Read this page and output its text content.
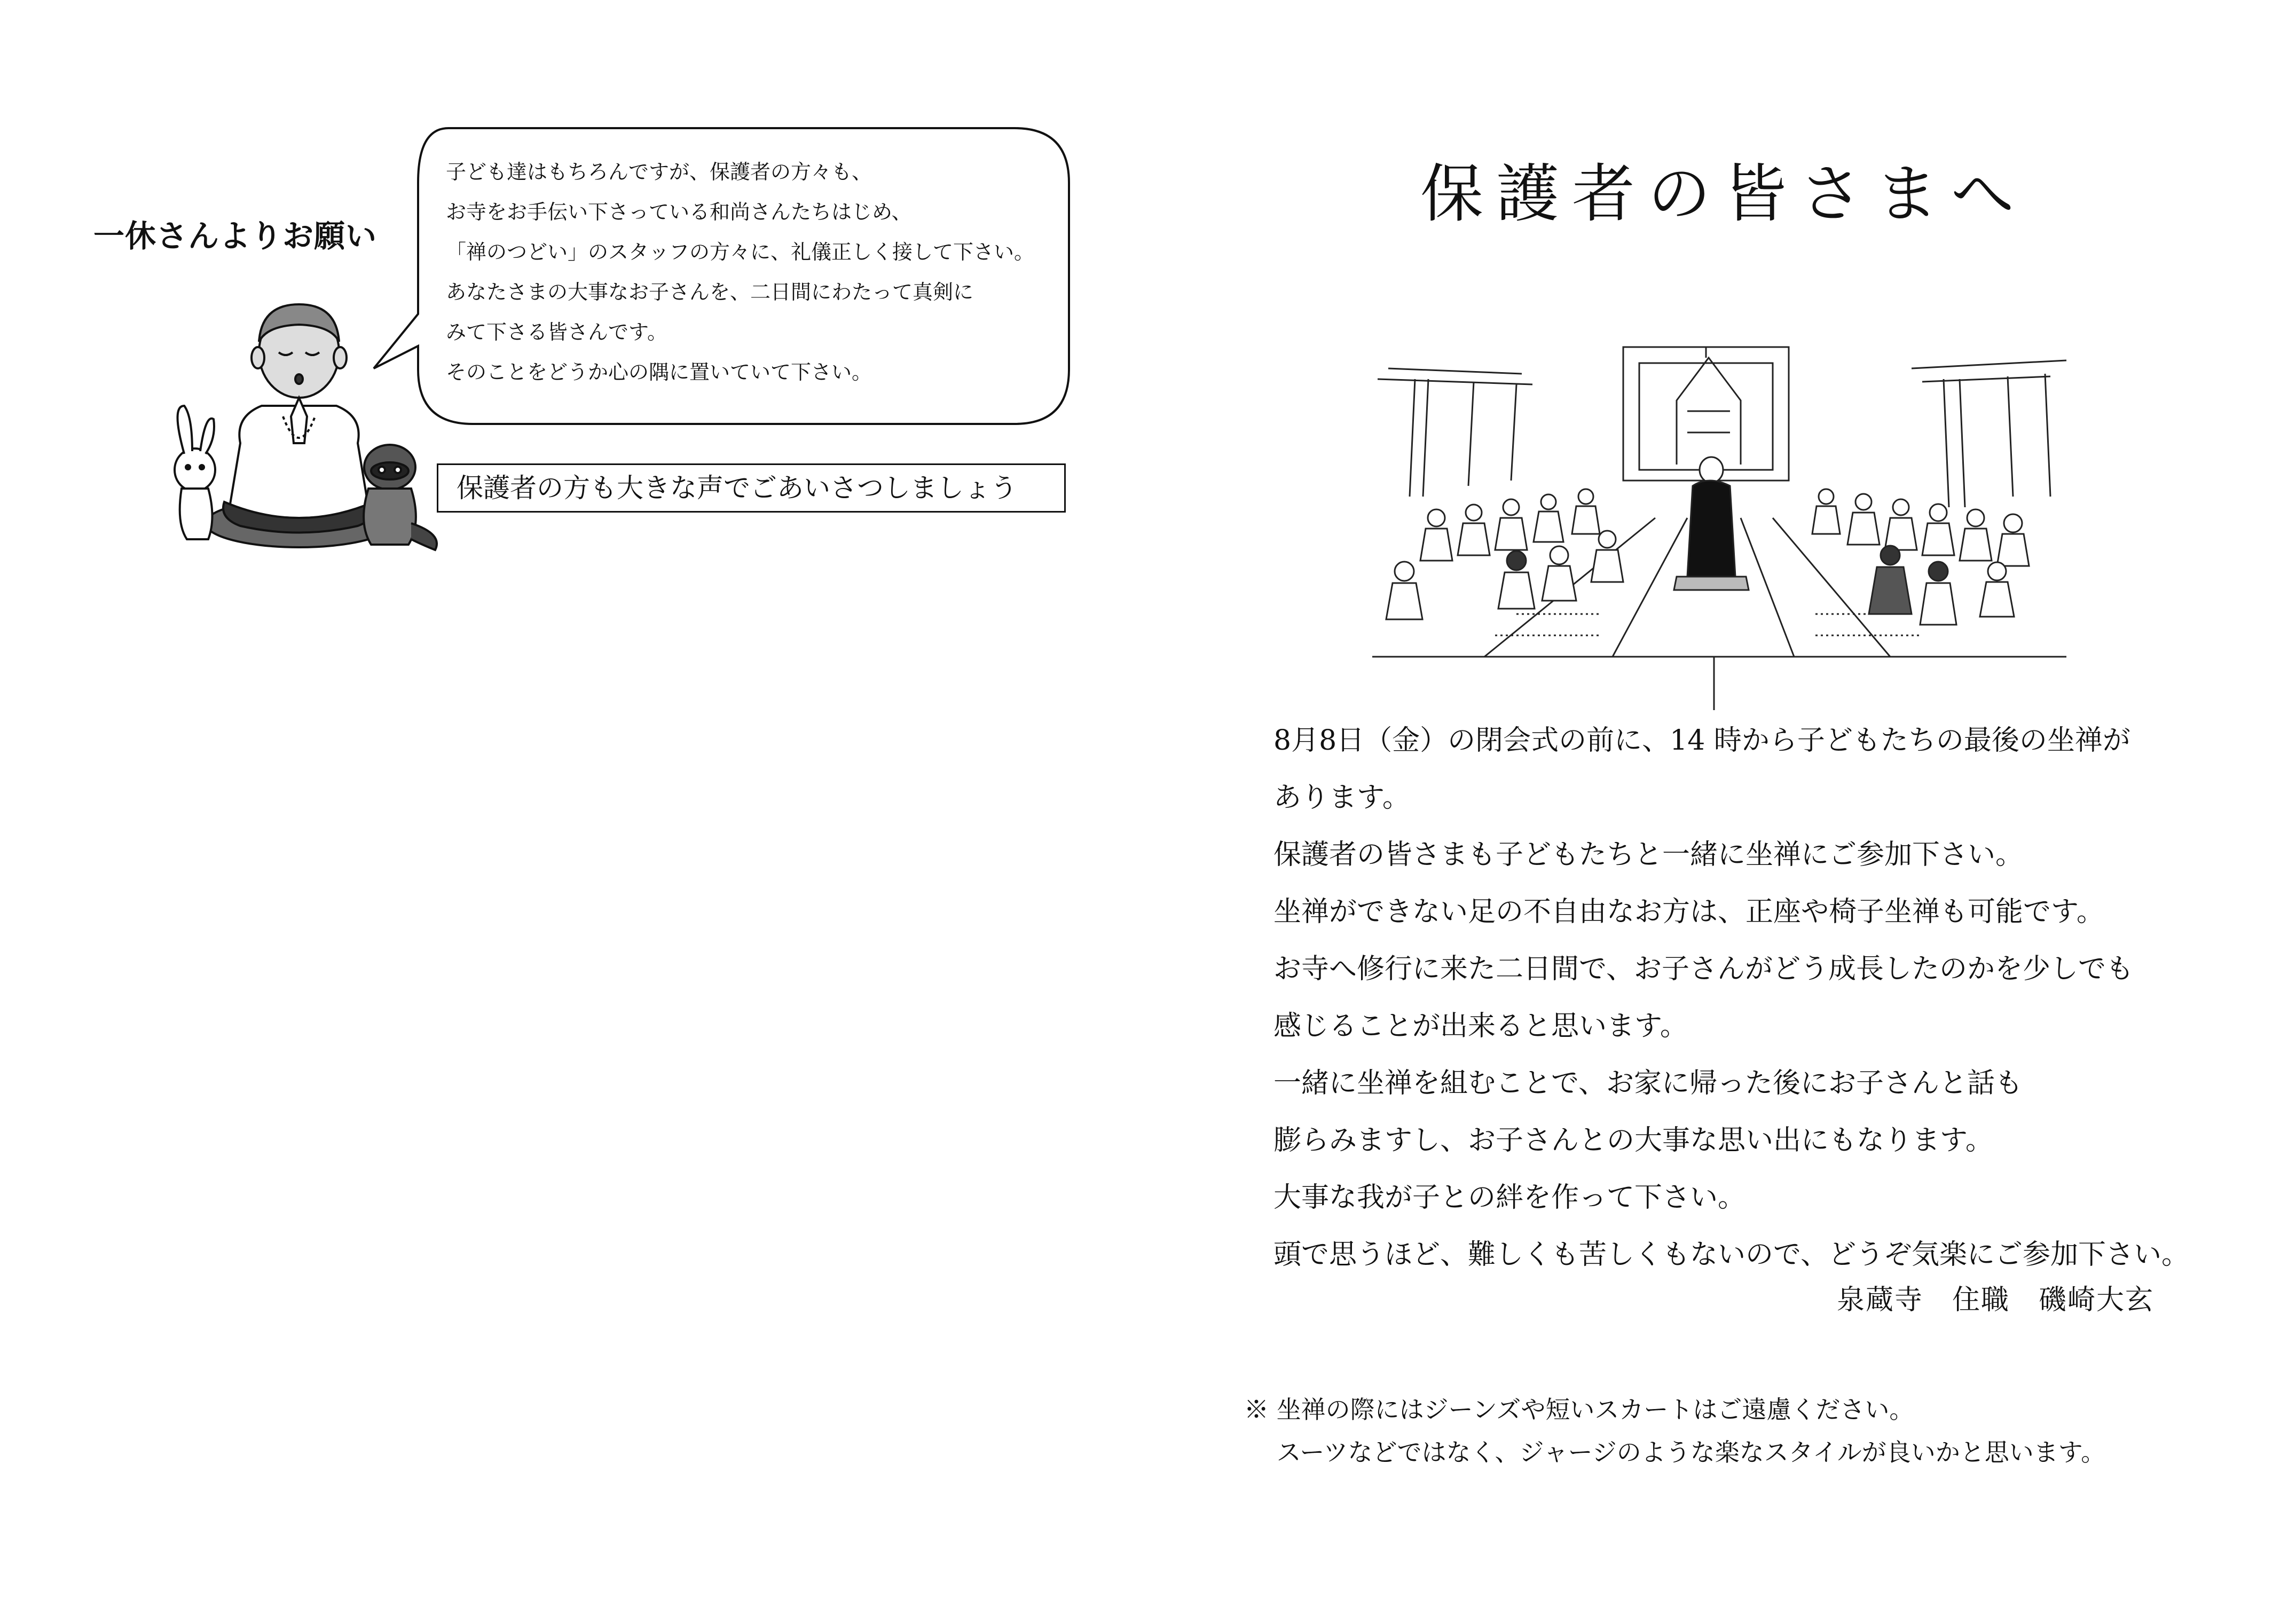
一休さんよりお願い
子ども達はもちろんですが、保護者の方々も、
お寺をお手伝い下さっている和尚さんたちはじめ、
「禅のつどい」のスタッフの方々に、礼儀正しく接して下さい。
あなたさまの大事なお子さんを、二日間にわたって真剣に
みて下さる皆さんです。
そのことをどうか心の隅に置いていて下さい。
保護者の方も大きな声でごあいさつしましょう
保護者の皆さまへ
8月8日（金）の閉会式の前に、14 時から子どもたちの最後の坐禅が
あります。
保護者の皆さまも子どもたちと一緒に坐禅にご参加下さい。
坐禅ができない足の不自由なお方は、正座や椅子坐禅も可能です。
お寺へ修行に来た二日間で、お子さんがどう成長したのかを少しでも
感じることが出来ると思います。
一緒に坐禅を組むことで、お家に帰った後にお子さんと話も
膨らみますし、お子さんとの大事な思い出にもなります。
大事な我が子との絆を作って下さい。
頭で思うほど、難しくも苦しくもないので、どうぞ気楽にご参加下さい。
泉蔵寺　住職　磯崎大玄
※ 坐禅の際にはジーンズや短いスカートはご遠慮ください。
　 スーツなどではなく、ジャージのような楽なスタイルが良いかと思います。
